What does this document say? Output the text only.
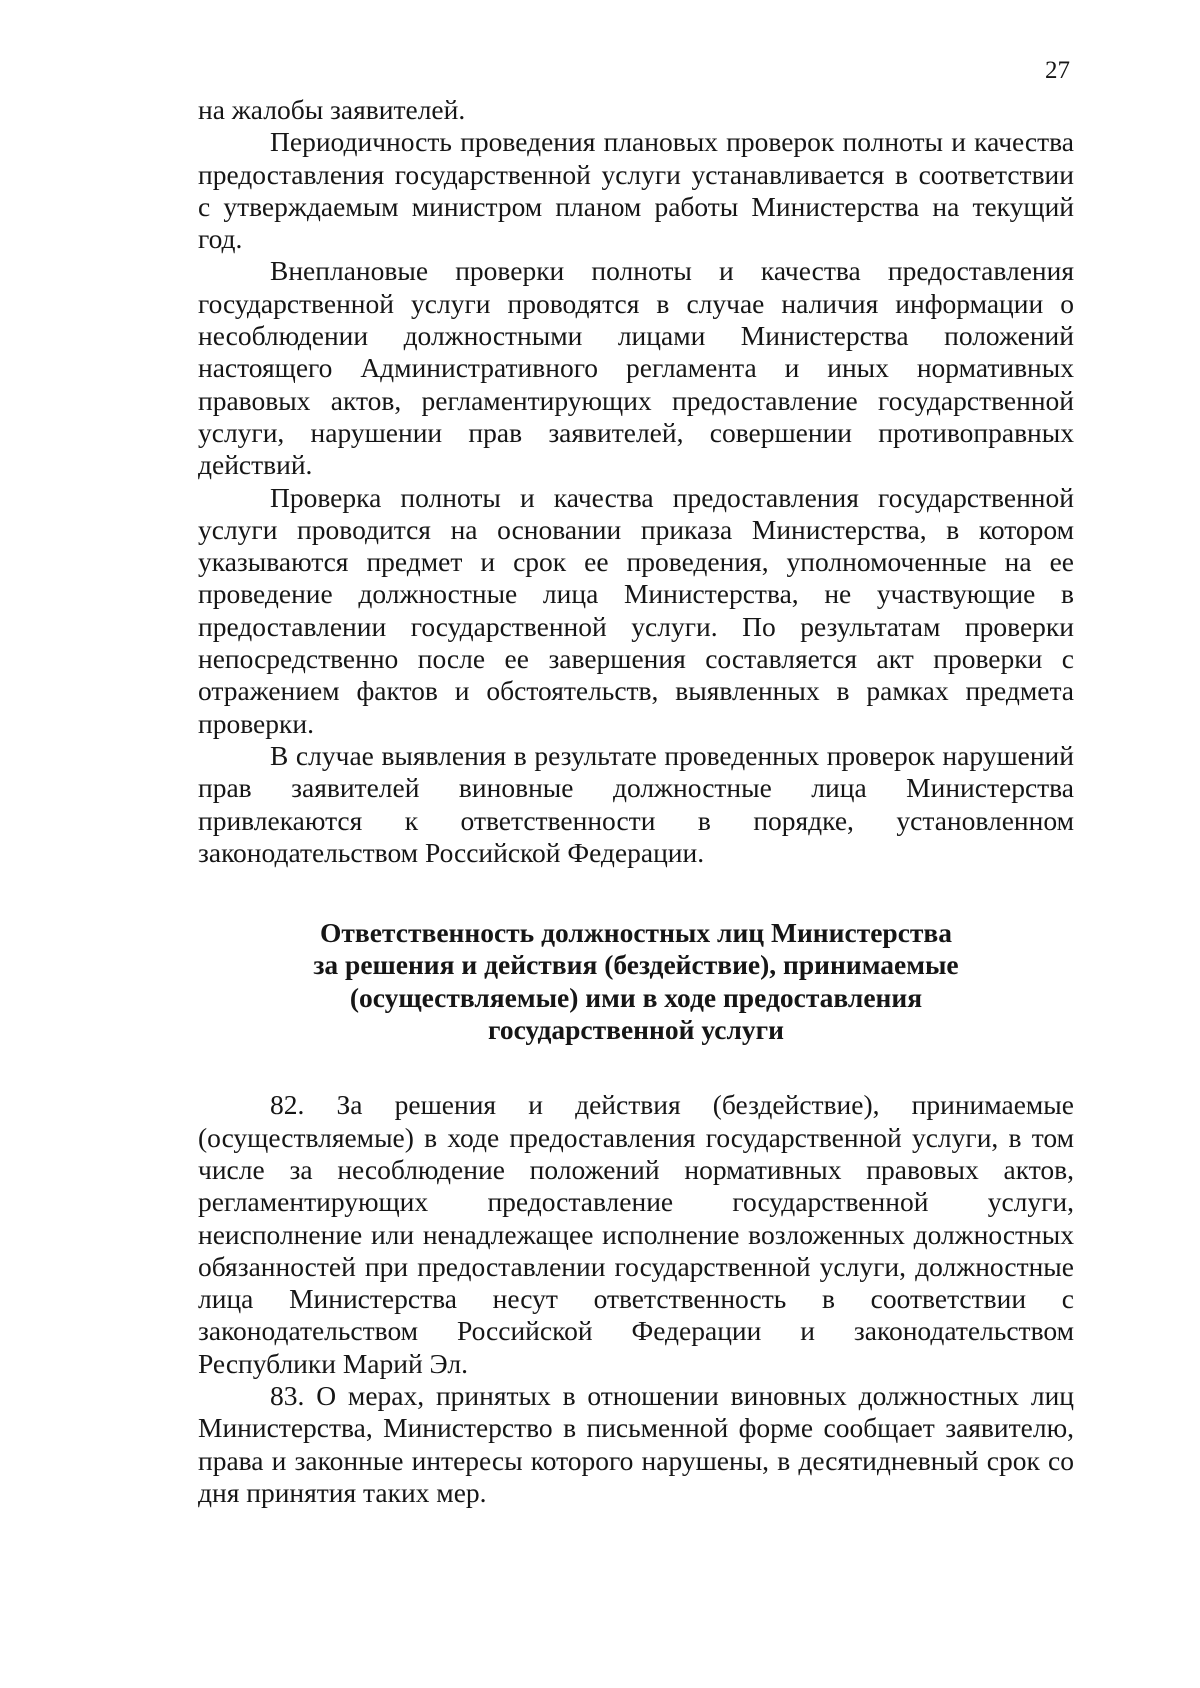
27

на жалобы заявителей.

Периодичность проведения плановых проверок полноты и качества предоставления государственной услуги устанавливается в соответствии с утверждаемым министром планом работы Министерства на текущий год.

Внеплановые проверки полноты и качества предоставления государственной услуги проводятся в случае наличия информации о несоблюдении должностными лицами Министерства положений настоящего Административного регламента и иных нормативных правовых актов, регламентирующих предоставление государственной услуги, нарушении прав заявителей, совершении противоправных действий.

Проверка полноты и качества предоставления государственной услуги проводится на основании приказа Министерства, в котором указываются предмет и срок ее проведения, уполномоченные на ее проведение должностные лица Министерства, не участвующие в предоставлении государственной услуги. По результатам проверки непосредственно после ее завершения составляется акт проверки с отражением фактов и обстоятельств, выявленных в рамках предмета проверки.

В случае выявления в результате проведенных проверок нарушений прав заявителей виновные должностные лица Министерства привлекаются к ответственности в порядке, установленном законодательством Российской Федерации.

Ответственность должностных лиц Министерства
за решения и действия (бездействие), принимаемые
(осуществляемые) ими в ходе предоставления
государственной услуги

82. За решения и действия (бездействие), принимаемые (осуществляемые) в ходе предоставления государственной услуги, в том числе за несоблюдение положений нормативных правовых актов, регламентирующих предоставление государственной услуги, неисполнение или ненадлежащее исполнение возложенных должностных обязанностей при предоставлении государственной услуги, должностные лица Министерства несут ответственность в соответствии с законодательством Российской Федерации и законодательством Республики Марий Эл.

83. О мерах, принятых в отношении виновных должностных лиц Министерства, Министерство в письменной форме сообщает заявителю, права и законные интересы которого нарушены, в десятидневный срок со дня принятия таких мер.
